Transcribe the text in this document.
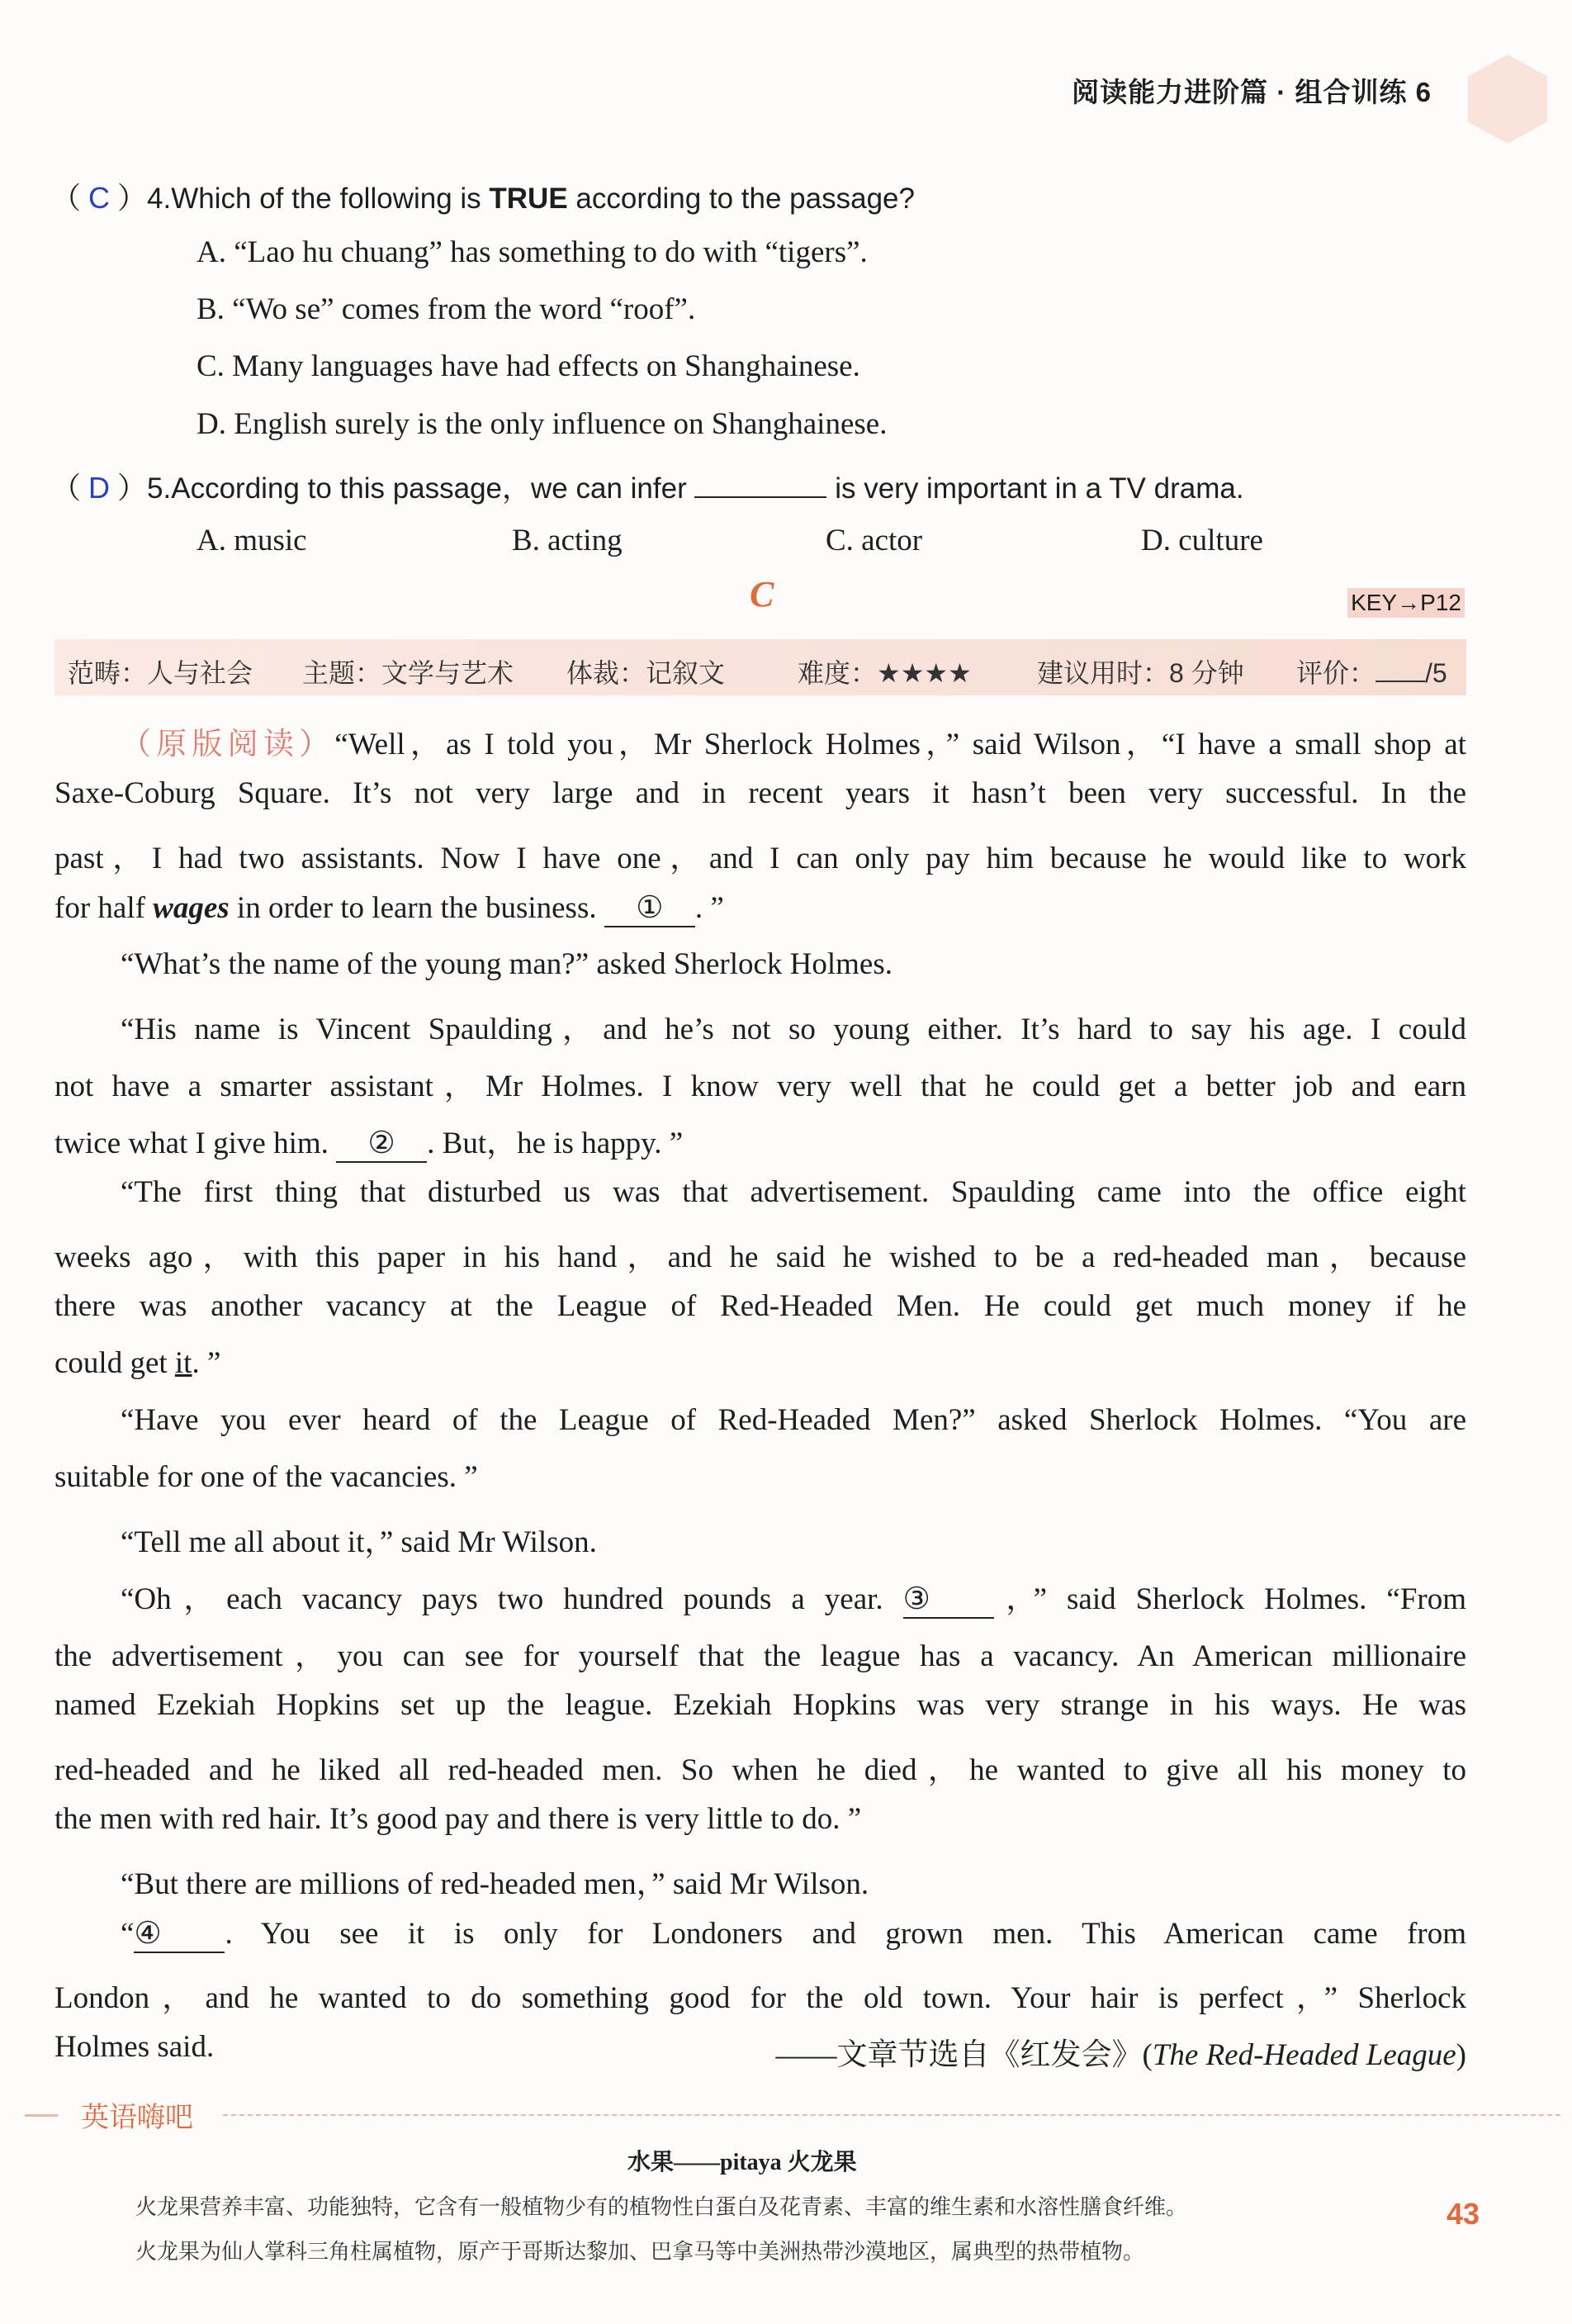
阅读能力进阶篇 · 组合训练 6
（ C ）4.Which of the following is TRUE according to the passage?
A. “Lao hu chuang” has something to do with “tigers”.
B. “Wo se” comes from the word “roof”.
C. Many languages have had effects on Shanghainese.
D. English surely is the only influence on Shanghainese.
（ D ）5.According to this passage，we can infer	is very important in a TV drama.
A. music	B. acting	C. actor	D. culture
C	KEY→P12
范畴：人与社会 主题：文学与艺术 体裁：记叙文	难度：★★★★ 建议用时：8 分钟 评价： /5
（原版阅读）“Well，as I told you，Mr Sherlock Holmes，” said Wilson，“I have a small shop at
Saxe-Coburg Square. It’s not very large and in recent years it hasn’t been very successful. In the
past，I had two assistants. Now I have one，and I can only pay him because he would like to work
for half wages in order to learn the business. ① . ”
“What’s the name of the young man?” asked Sherlock Holmes.
“His name is Vincent Spaulding，and he’s not so young either. It’s hard to say his age. I could
not have a smarter assistant，Mr Holmes. I know very well that he could get a better job and earn
twice what I give him. ② . But，he is happy. ”
“The first thing that disturbed us was that advertisement. Spaulding came into the office eight
weeks ago，with this paper in his hand，and he said he wished to be a red-headed man，because
there was another vacancy at the League of Red-Headed Men. He could get much money if he
could get it. ”
“Have you ever heard of the League of Red-Headed Men?” asked Sherlock Holmes. “You are
suitable for one of the vacancies. ”
“Tell me all about it，” said Mr Wilson.
“Oh，each vacancy pays two hundred pounds a year. ③ ，” said Sherlock Holmes. “From
the advertisement，you can see for yourself that the league has a vacancy. An American millionaire
named Ezekiah Hopkins set up the league. Ezekiah Hopkins was very strange in his ways. He was
red-headed and he liked all red-headed men. So when he died，he wanted to give all his money to
the men with red hair. It’s good pay and there is very little to do. ”
“But there are millions of red-headed men，” said Mr Wilson.
“④ . You see it is only for Londoners and grown men. This American came from
London，and he wanted to do something good for the old town. Your hair is perfect，” Sherlock
Holmes said.	——文章节选自《红发会》(The Red-Headed League)
英语嗨吧
水果——pitaya 火龙果
火龙果营养丰富、功能独特，它含有一般植物少有的植物性白蛋白及花青素、丰富的维生素和水溶性膳食纤维。
火龙果为仙人掌科三角柱属植物，原产于哥斯达黎加、巴拿马等中美洲热带沙漠地区，属典型的热带植物。
43
